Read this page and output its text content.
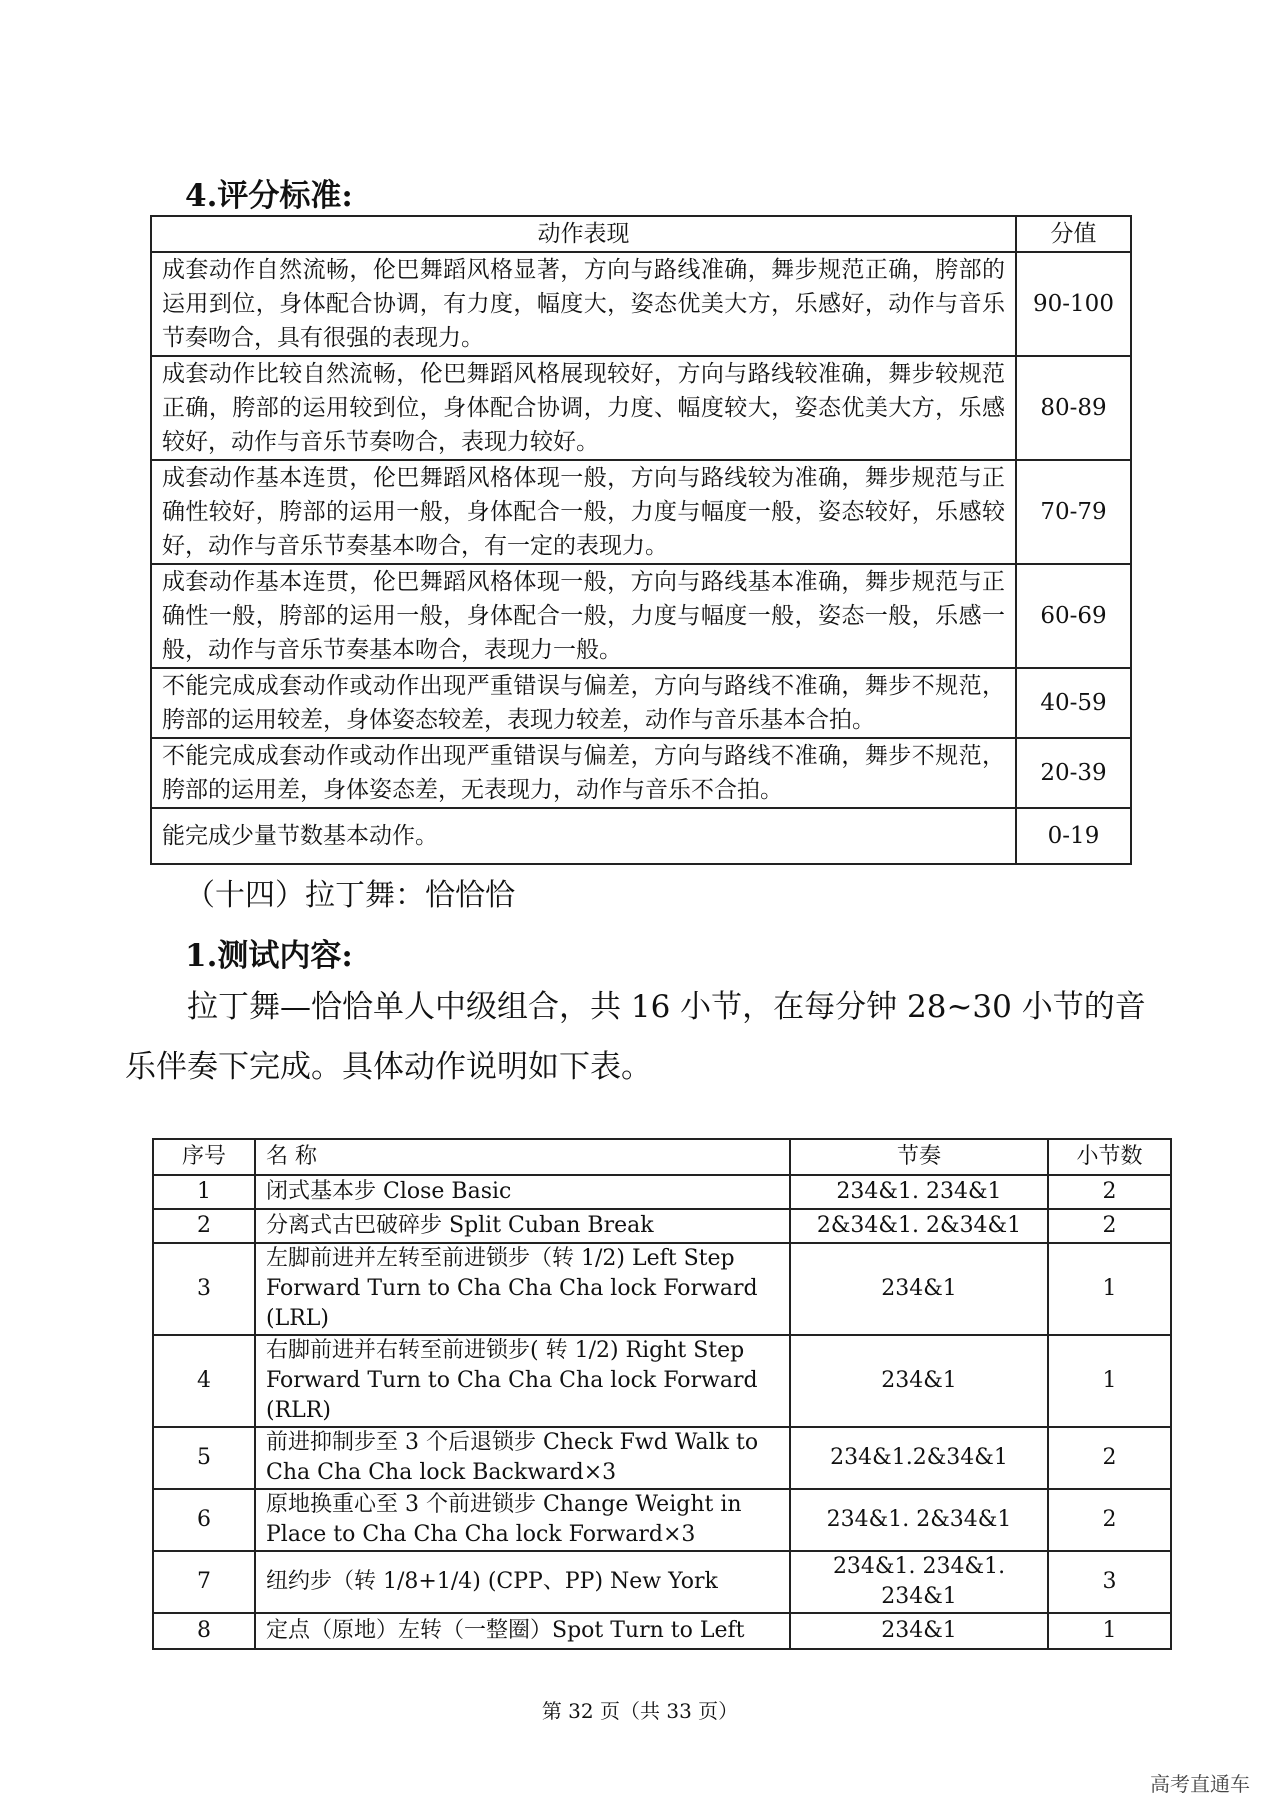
4.评分标准:
动作表现	分值
成套动作自然流畅，伦巴舞蹈风格显著，方向与路线准确，舞步规范正确，胯部的运用到位，身体配合协调，有力度，幅度大，姿态优美大方，乐感好，动作与音乐节奏吻合，具有很强的表现力。	90-100
成套动作比较自然流畅，伦巴舞蹈风格展现较好，方向与路线较准确，舞步较规范正确，胯部的运用较到位，身体配合协调，力度、幅度较大，姿态优美大方，乐感较好，动作与音乐节奏吻合，表现力较好。	80-89
成套动作基本连贯，伦巴舞蹈风格体现一般，方向与路线较为准确，舞步规范与正确性较好，胯部的运用一般，身体配合一般，力度与幅度一般，姿态较好，乐感较好，动作与音乐节奏基本吻合，有一定的表现力。	70-79
成套动作基本连贯，伦巴舞蹈风格体现一般，方向与路线基本准确，舞步规范与正确性一般，胯部的运用一般，身体配合一般，力度与幅度一般，姿态一般，乐感一般，动作与音乐节奏基本吻合，表现力一般。	60-69
不能完成成套动作或动作出现严重错误与偏差，方向与路线不准确，舞步不规范，胯部的运用较差，身体姿态较差，表现力较差，动作与音乐基本合拍。	40-59
不能完成成套动作或动作出现严重错误与偏差，方向与路线不准确，舞步不规范，胯部的运用差，身体姿态差，无表现力，动作与音乐不合拍。	20-39
能完成少量节数基本动作。	0-19
（十四）拉丁舞：恰恰恰
1.测试内容:
拉丁舞—恰恰单人中级组合，共 16 小节，在每分钟 28~30 小节的音乐伴奏下完成。具体动作说明如下表。
序号	名 称	节奏	小节数
1	闭式基本步 Close Basic	234&1. 234&1	2
2	分离式古巴破碎步 Split Cuban Break	2&34&1. 2&34&1	2
3	左脚前进并左转至前进锁步（转 1/2) Left Step Forward Turn to Cha Cha Cha lock Forward (LRL)	234&1	1
4	右脚前进并右转至前进锁步( 转 1/2) Right Step Forward Turn to Cha Cha Cha lock Forward (RLR)	234&1	1
5	前进抑制步至 3 个后退锁步 Check Fwd Walk to Cha Cha Cha lock Backward×3	234&1.2&34&1	2
6	原地换重心至 3 个前进锁步 Change Weight in Place to Cha Cha Cha lock Forward×3	234&1. 2&34&1	2
7	纽约步（转 1/8+1/4) (CPP、PP) New York	234&1. 234&1. 234&1	3
8	定点（原地）左转（一整圈）Spot Turn to Left	234&1	1
第 32 页（共 33 页）
高考直通车
